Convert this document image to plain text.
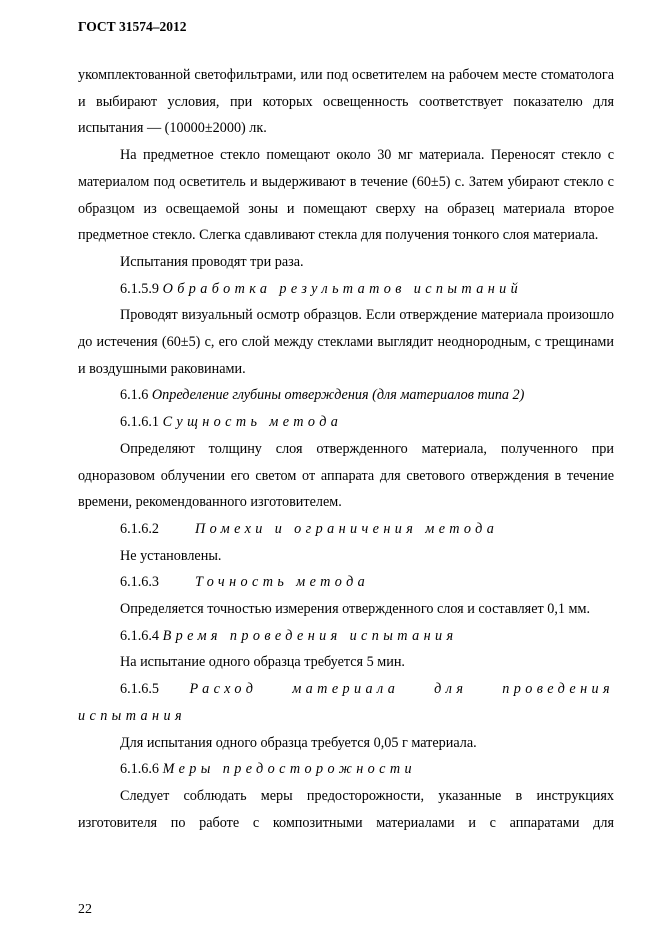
ГОСТ 31574–2012

укомплектованной светофильтрами, или под осветителем на рабочем месте стоматолога и выбирают условия, при которых освещенность соответствует показателю для испытания — (10000±2000) лк.

На предметное стекло помещают около 30 мг материала. Переносят стекло с материалом под осветитель и выдерживают в течение (60±5) с. Затем убирают стекло с образцом из освещаемой зоны и помещают сверху на образец материала второе предметное стекло. Слегка сдавливают стекла для получения тонкого слоя материала.

Испытания проводят три раза.

6.1.5.9 Обработка результатов испытаний

Проводят визуальный осмотр образцов. Если отверждение материала произошло до истечения (60±5) с, его слой между стеклами выглядит неоднородным, с трещинами и воздушными раковинами.

6.1.6 Определение глубины отверждения (для материалов типа 2)

6.1.6.1 Сущность метода

Определяют толщину слоя отвержденного материала, полученного при одноразовом облучении его светом от аппарата для светового отверждения в течение времени, рекомендованного изготовителем.

6.1.6.2	Помехи и ограничения метода

Не установлены.

6.1.6.3	Точность метода

Определяется точностью измерения отвержденного слоя и составляет 0,1 мм.

6.1.6.4 Время проведения испытания

На испытание одного образца требуется 5 мин.

6.1.6.5 Расход материала для проведения испытания

Для испытания одного образца требуется 0,05 г материала.

6.1.6.6 Меры предосторожности

Следует соблюдать меры предосторожности, указанные в инструкциях изготовителя по работе с композитными материалами и с аппаратами для

22
